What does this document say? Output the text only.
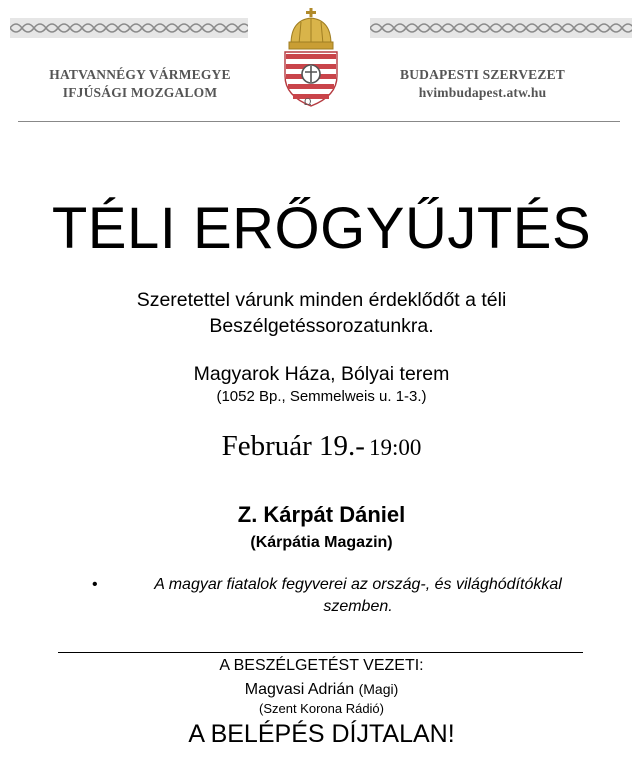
Ω
HATVANNÉGY VÁRMEGYE
IFJÚSÁGI MOZGALOM
BUDAPESTI SZERVEZET
hvimbudapest.atw.hu
TÉLI ERŐGYŰJTÉS
Szeretettel várunk minden érdeklődőt a téli
Beszélgetéssorozatunkra.
Magyarok Háza, Bólyai terem
(1052 Bp., Semmelweis u. 1-3.)
Február 19.- 19:00
Z. Kárpát Dániel
(Kárpátia Magazin)
•	A magyar fiatalok fegyverei az ország-, és világhódítókkal
szemben.
A BESZÉLGETÉST VEZETI:
Magvasi Adrián (Magi)
(Szent Korona Rádió)
A BELÉPÉS DÍJTALAN!
